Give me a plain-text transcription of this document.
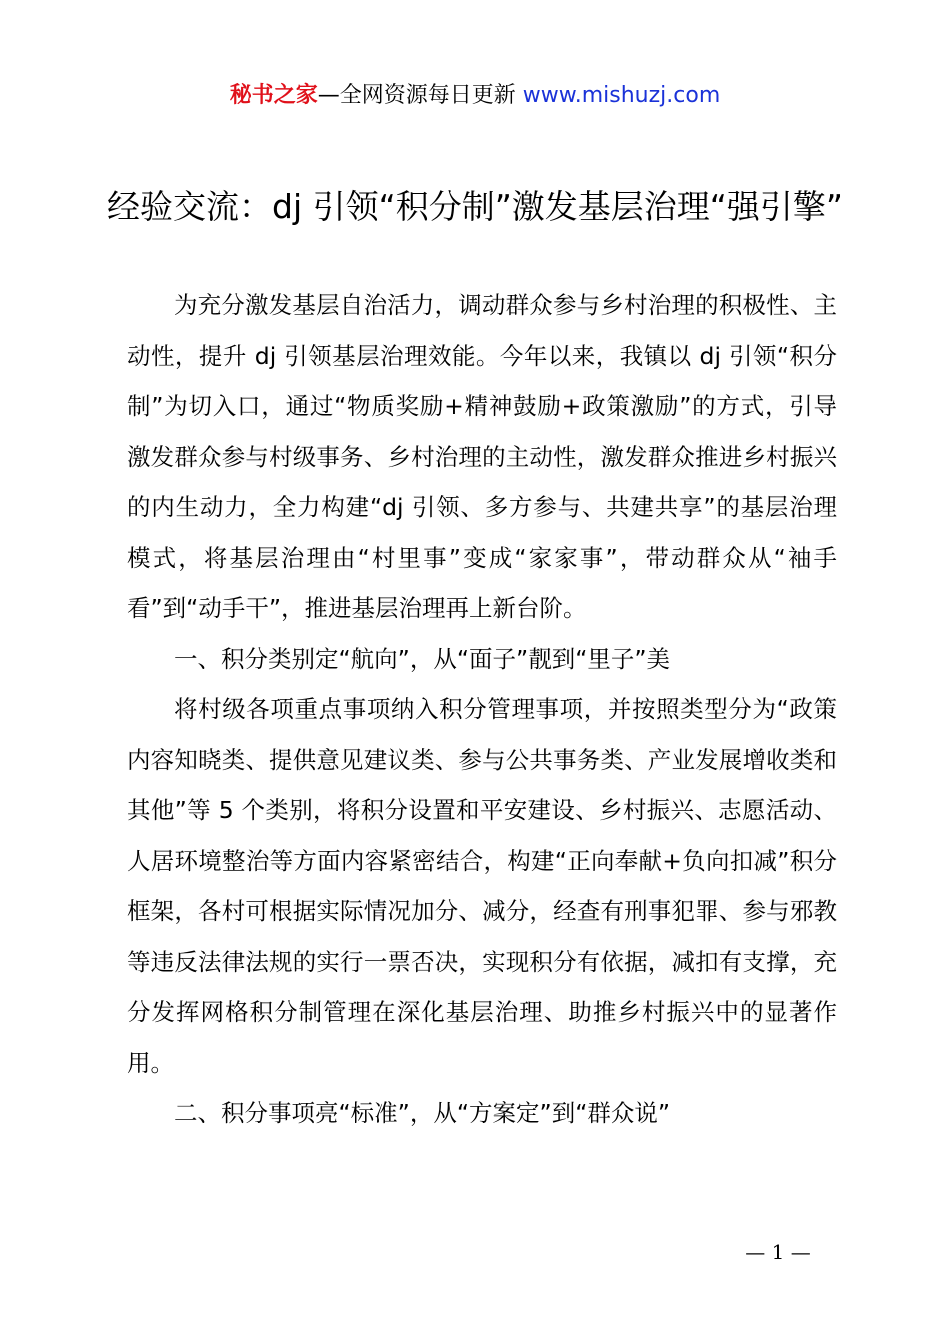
秘书之家—全网资源每日更新 www.mishuzj.com
经验交流：dj 引领“积分制”激发基层治理“强引擎”

为充分激发基层自治活力，调动群众参与乡村治理的积极性、主动性，提升 dj 引领基层治理效能。今年以来，我镇以 dj 引领“积分制”为切入口，通过“物质奖励+精神鼓励+政策激励”的方式，引导激发群众参与村级事务、乡村治理的主动性，激发群众推进乡村振兴的内生动力，全力构建“dj 引领、多方参与、共建共享”的基层治理模式，将基层治理由“村里事”变成“家家事”，带动群众从“袖手看”到“动手干”，推进基层治理再上新台阶。

一、积分类别定“航向”，从“面子”靓到“里子”美

将村级各项重点事项纳入积分管理事项，并按照类型分为“政策内容知晓类、提供意见建议类、参与公共事务类、产业发展增收类和其他”等 5 个类别，将积分设置和平安建设、乡村振兴、志愿活动、人居环境整治等方面内容紧密结合，构建“正向奉献+负向扣减”积分框架，各村可根据实际情况加分、减分，经查有刑事犯罪、参与邪教等违反法律法规的实行一票否决，实现积分有依据，减扣有支撑，充分发挥网格积分制管理在深化基层治理、助推乡村振兴中的显著作用。

二、积分事项亮“标准”，从“方案定”到“群众说”

— 1 —
